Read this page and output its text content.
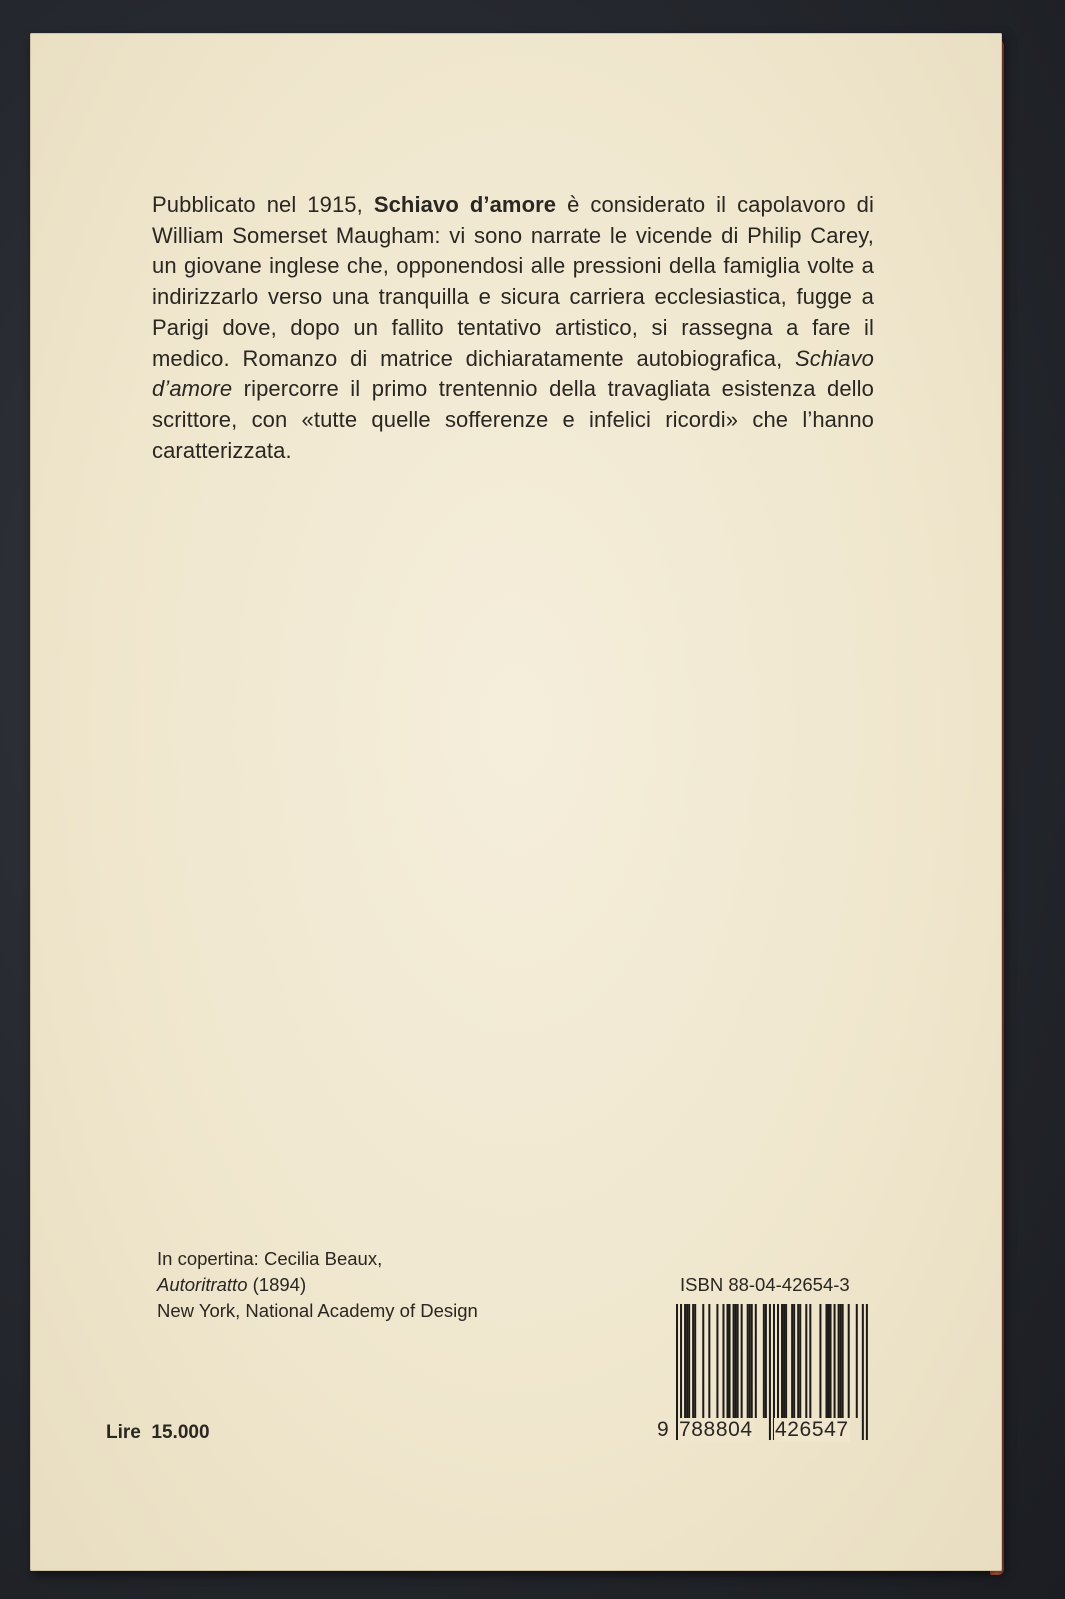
Pubblicato nel 1915, Schiavo d’amore è considerato il capolavoro di William Somerset Maugham: vi sono narrate le vicende di Philip Carey, un giovane inglese che, opponendosi alle pressioni della famiglia volte a indirizzarlo verso una tranquilla e sicura carriera ecclesiastica, fugge a Parigi dove, dopo un fallito tentativo artistico, si rassegna a fare il medico. Romanzo di matrice dichiaratamente autobiografica, Schiavo d’amore ripercorre il primo trentennio della travagliata esistenza dello scrittore, con «tutte quelle sofferenze e infelici ricordi» che l’hanno caratterizzata.
In copertina: Cecilia Beaux,
Autoritratto (1894)
New York, National Academy of Design
Lire  15.000
ISBN 88-04-42654-3
9 788804 426547
